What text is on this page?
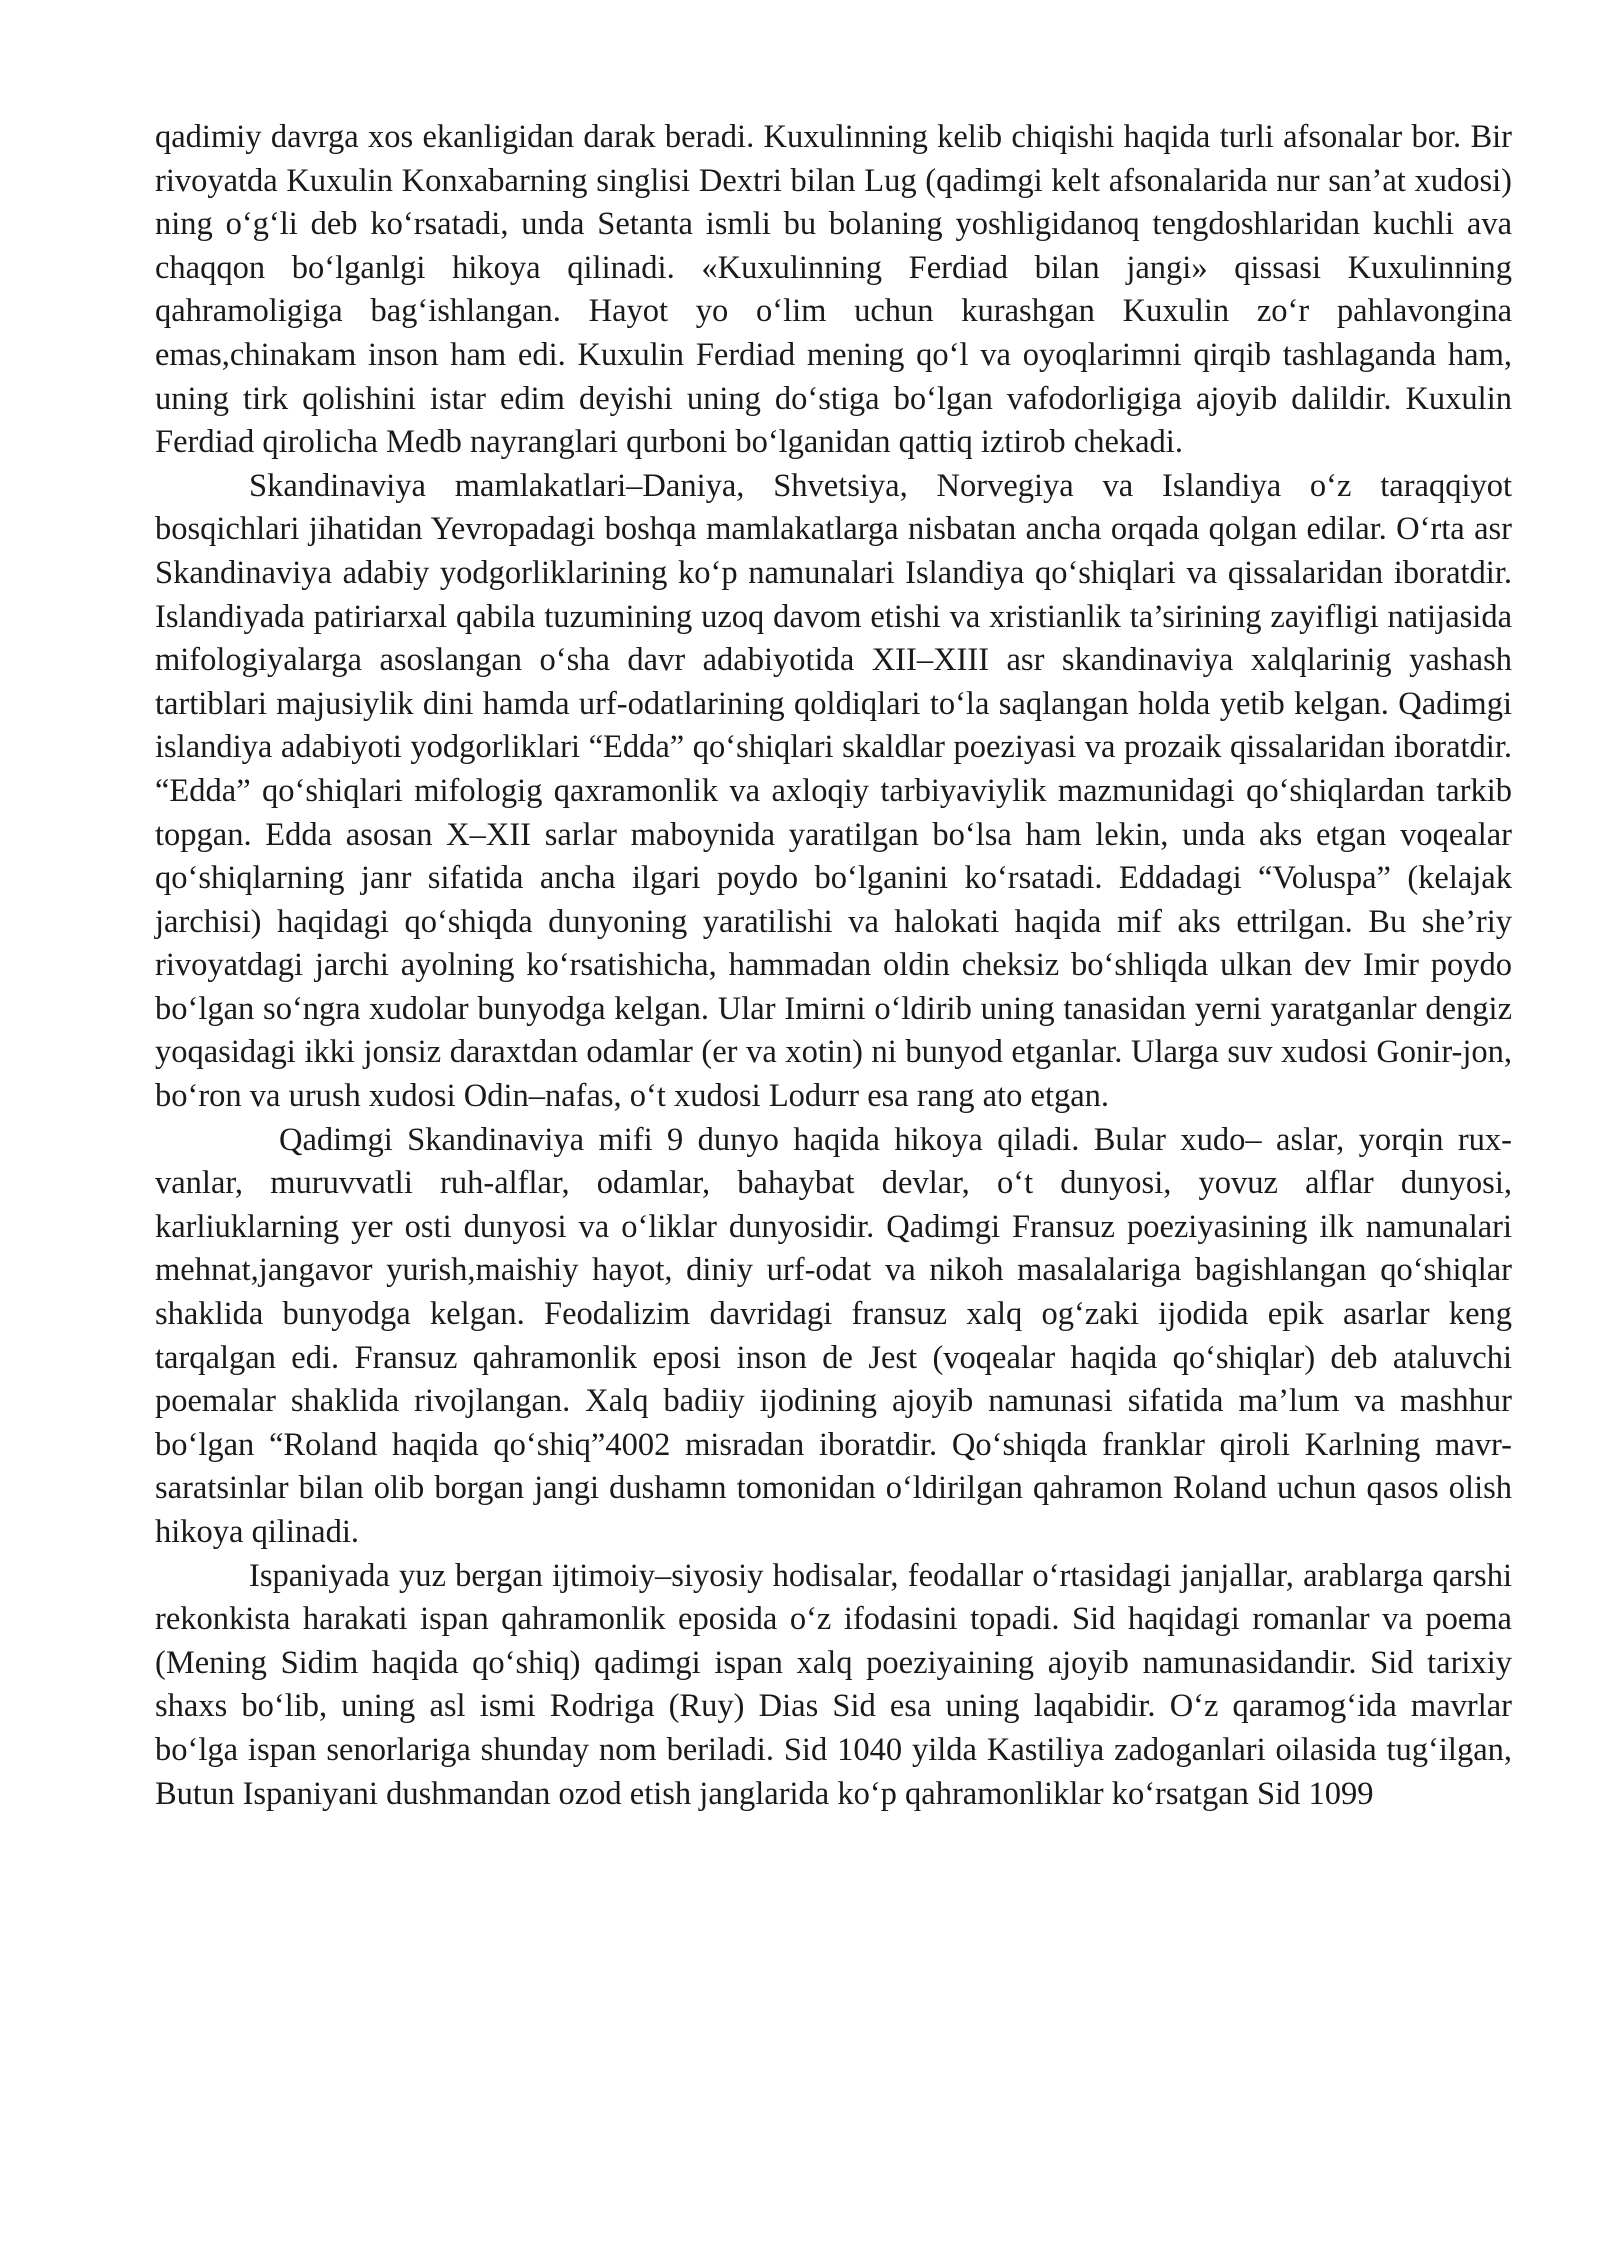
qadimiy davrga xos ekanligidan darak beradi. Kuxulinning kelib chiqishi haqida turli afsonalar bor. Bir rivoyatda Kuxulin Konxabarning singlisi Dextri bilan Lug (qadimgi kelt afsonalarida nur san’at xudosi) ning o‘g‘li deb ko‘rsatadi, unda Setanta ismli bu bolaning yoshligidanoq tengdoshlaridan kuchli ava chaqqon bo‘lganlgi hikoya qilinadi. «Kuxulinning Ferdiad bilan jangi» qissasi Kuxulinning qahramoligiga bag‘ishlangan. Hayot yo o‘lim uchun kurashgan Kuxulin zo‘r pahlavongina emas,chinakam inson ham edi. Kuxulin Ferdiad mening qo‘l va oyoqlarimni qirqib tashlaganda ham, uning tirk qolishini istar edim deyishi uning do‘stiga bo‘lgan vafodorligiga ajoyib dalildir. Kuxulin Ferdiad qirolicha Medb nayranglari qurboni bo‘lganidan qattiq iztirob chekadi.

Skandinaviya mamlakatlari–Daniya, Shvetsiya, Norvegiya va Islandiya o‘z taraqqiyot bosqichlari jihatidan Yevropadagi boshqa mamlakatlarga nisbatan ancha orqada qolgan edilar. O‘rta asr Skandinaviya adabiy yodgorliklarining ko‘p namunalari Islandiya qo‘shiqlari va qissalaridan iboratdir. Islandiyada patiriarxal qabila tuzumining uzoq davom etishi va xristianlik ta’sirining zayifligi natijasida mifologiyalarga asoslangan o‘sha davr adabiyotida XII–XIII asr skandinaviya xalqlarinig yashash tartiblari majusiylik dini hamda urf-odatlarining qoldiqlari to‘la saqlangan holda yetib kelgan. Qadimgi islandiya adabiyoti yodgorliklari “Edda” qo‘shiqlari skaldlar poeziyasi va prozaik qissalaridan iboratdir. “Edda” qo‘shiqlari mifologig qaxramonlik va axloqiy tarbiyaviylik mazmunidagi qo‘shiqlardan tarkib topgan. Edda asosan X–XII sarlar maboynida yaratilgan bo‘lsa ham lekin, unda aks etgan voqealar qo‘shiqlarning janr sifatida ancha ilgari poydo bo‘lganini ko‘rsatadi. Eddadagi “Voluspa” (kelajak jarchisi) haqidagi qo‘shiqda dunyoning yaratilishi va halokati haqida mif aks ettrilgan. Bu she’riy rivoyatdagi jarchi ayolning ko‘rsatishicha, hammadan oldin cheksiz bo‘shliqda ulkan dev Imir poydo bo‘lgan so‘ngra xudolar bunyodga kelgan. Ular Imirni o‘ldirib uning tanasidan yerni yaratganlar dengiz yoqasidagi ikki jonsiz daraxtdan odamlar (er va xotin) ni bunyod etganlar. Ularga suv xudosi Gonir-jon, bo‘ron va urush xudosi Odin–nafas, o‘t xudosi Lodurr esa rang ato etgan.

Qadimgi Skandinaviya mifi 9 dunyo haqida hikoya qiladi. Bular xudo– aslar, yorqin rux-vanlar, muruvvatli ruh-alflar, odamlar, bahaybat devlar, o‘t dunyosi, yovuz alflar dunyosi, karliuklarning yer osti dunyosi va o‘liklar dunyosidir. Qadimgi Fransuz poeziyasining ilk namunalari mehnat,jangavor yurish,maishiy hayot, diniy urf-odat va nikoh masalalariga bagishlangan qo‘shiqlar shaklida bunyodga kelgan. Feodalizim davridagi fransuz xalq og‘zaki ijodida epik asarlar keng tarqalgan edi. Fransuz qahramonlik eposi inson de Jest (voqealar haqida qo‘shiqlar) deb ataluvchi poemalar shaklida rivojlangan. Xalq badiiy ijodining ajoyib namunasi sifatida ma’lum va mashhur bo‘lgan “Roland haqida qo‘shiq”4002 misradan iboratdir. Qo‘shiqda franklar qiroli Karlning mavr-saratsinlar bilan olib borgan jangi dushamn tomonidan o‘ldirilgan qahramon Roland uchun qasos olish hikoya qilinadi.

Ispaniyada yuz bergan ijtimoiy–siyosiy hodisalar, feodallar o‘rtasidagi janjallar, arablarga qarshi rekonkista harakati ispan qahramonlik eposida o‘z ifodasini topadi. Sid haqidagi romanlar va poema (Mening Sidim haqida qo‘shiq) qadimgi ispan xalq poeziyaining ajoyib namunasidandir. Sid tarixiy shaxs bo‘lib, uning asl ismi Rodriga (Ruy) Dias Sid esa uning laqabidir. O‘z qaramog‘ida mavrlar bo‘lga ispan senorlariga shunday nom beriladi. Sid 1040 yilda Kastiliya zadoganlari oilasida tug‘ilgan, Butun Ispaniyani dushmandan ozod etish janglarida ko‘p qahramonliklar ko‘rsatgan Sid 1099
